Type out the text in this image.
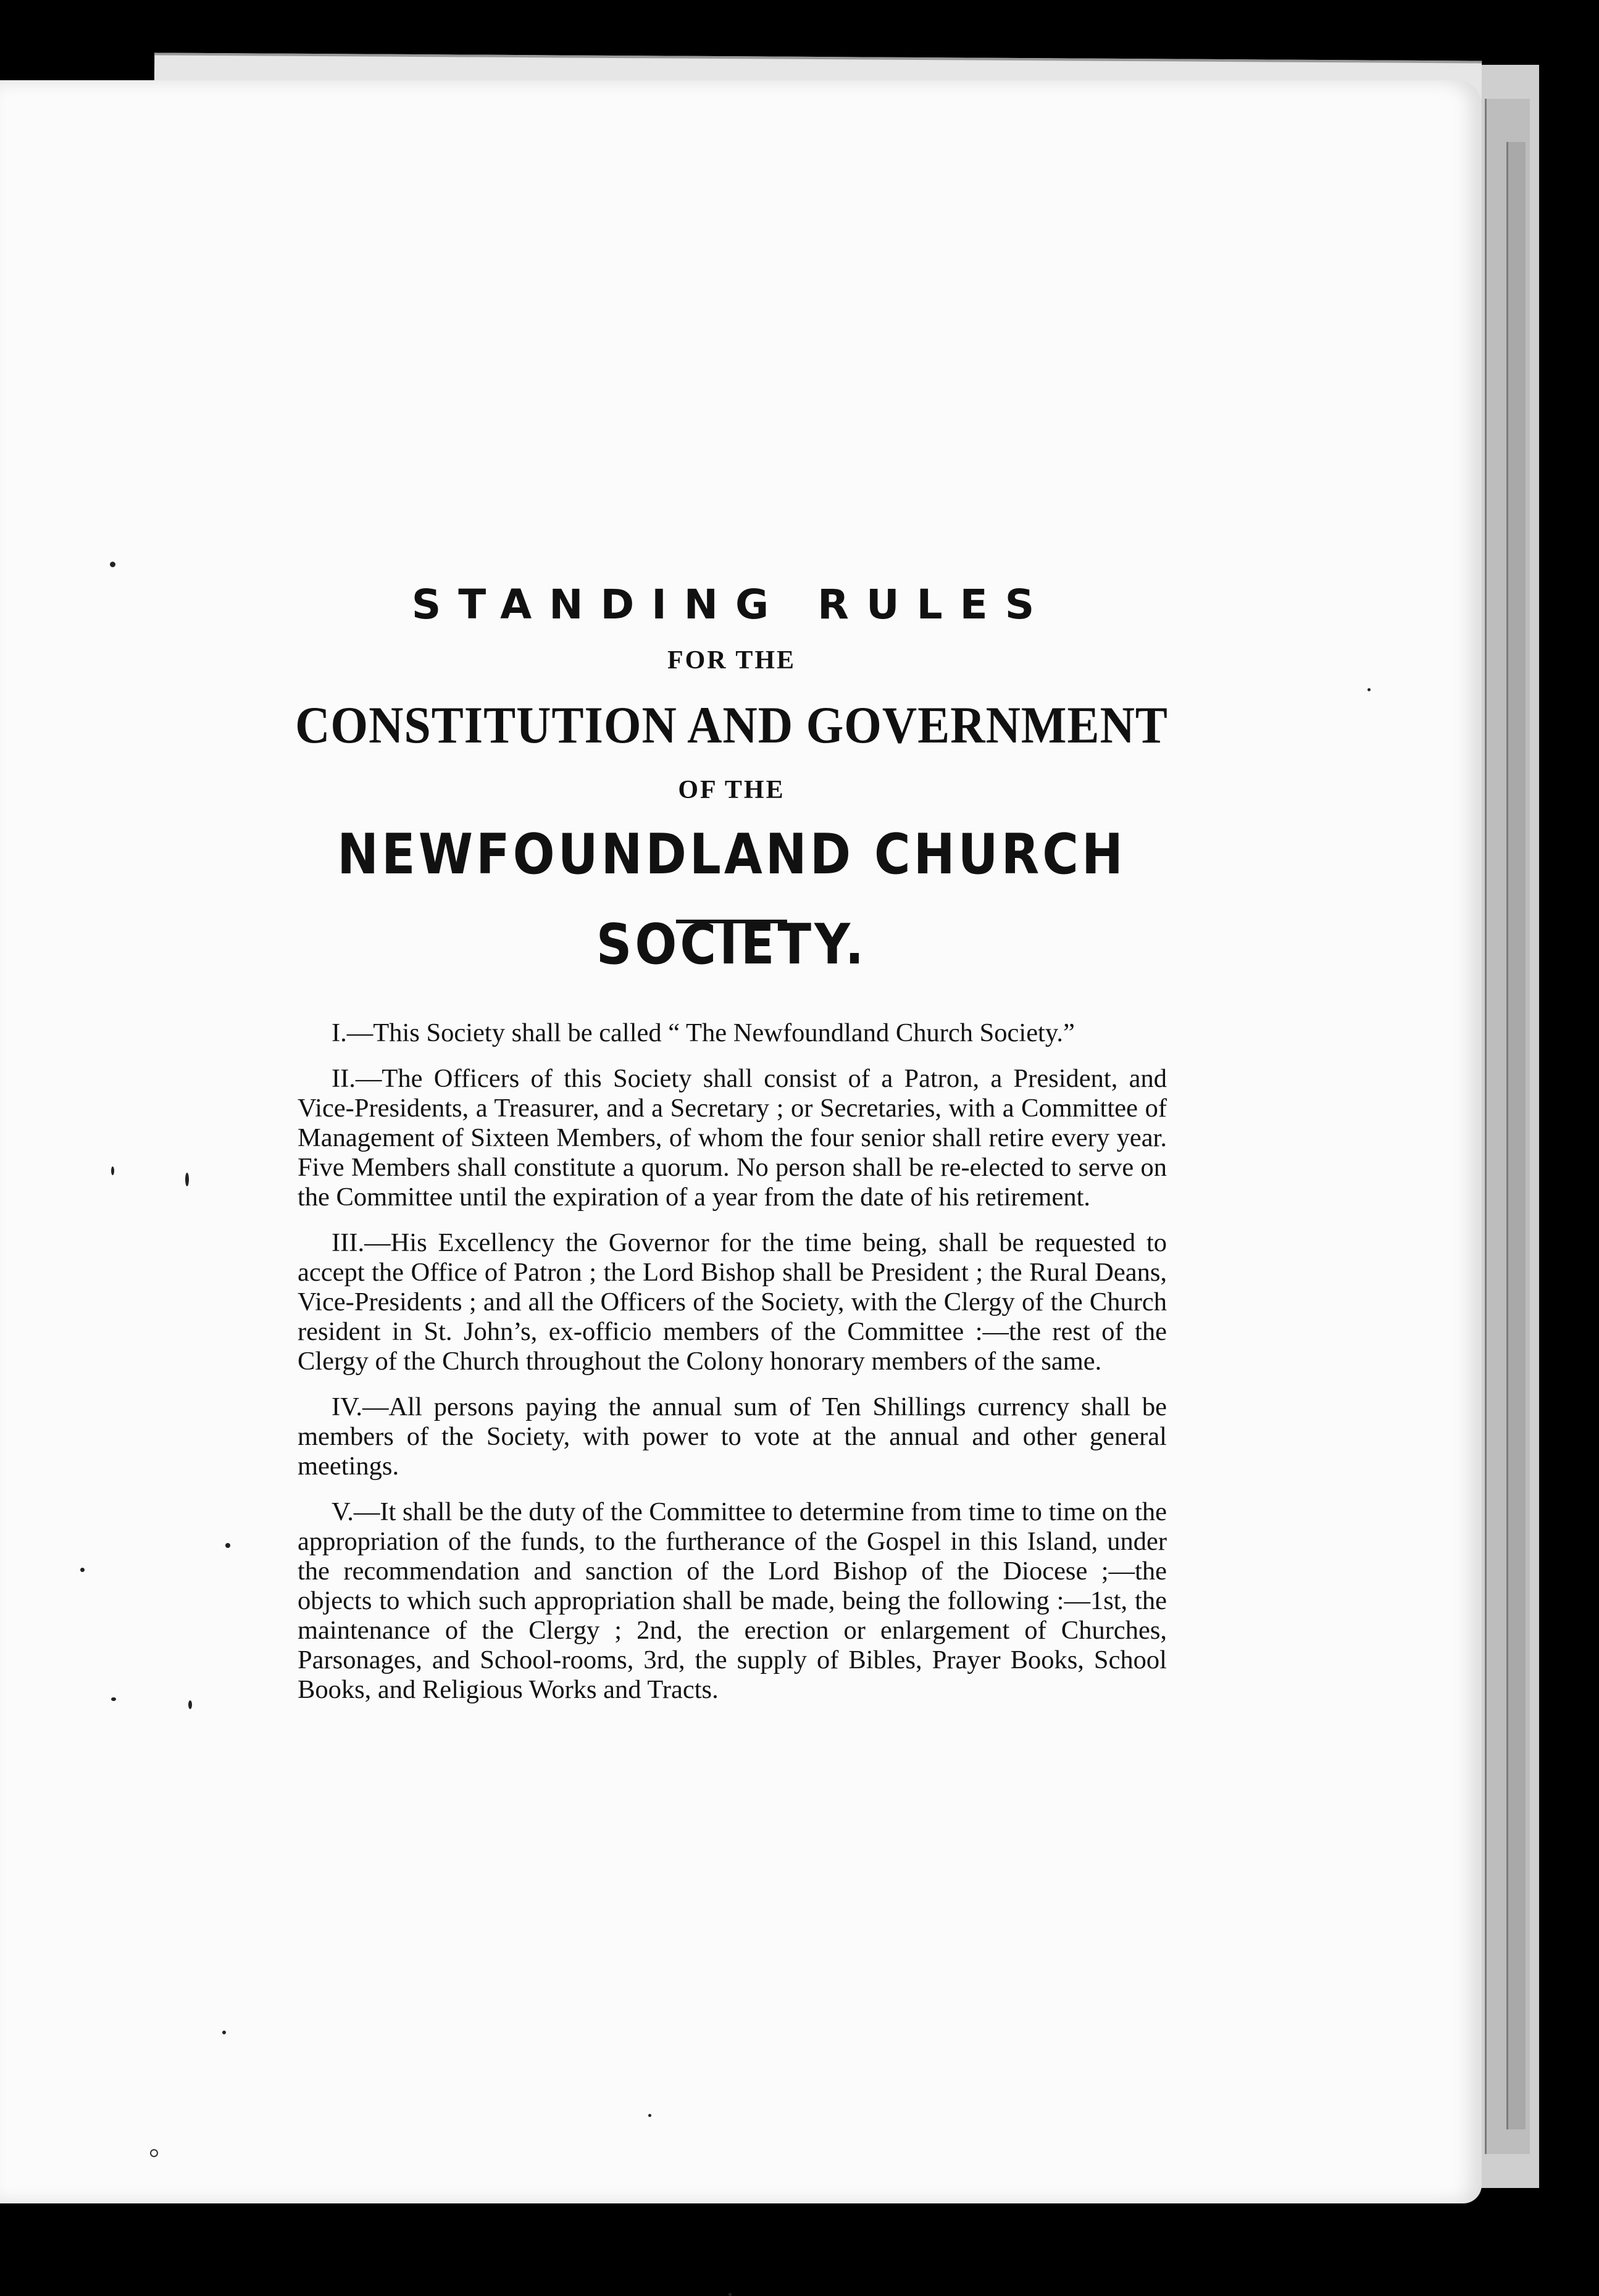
STANDING RULES

FOR THE

CONSTITUTION AND GOVERNMENT

OF THE

NEWFOUNDLAND CHURCH SOCIETY.

I.—This Society shall be called “ The Newfoundland Church Society.”

II.—The Officers of this Society shall consist of a Patron, a President, and Vice-Presidents, a Treasurer, and a Secretary ; or Secretaries, with a Committee of Management of Sixteen Members, of whom the four senior shall retire every year. Five Members shall constitute a quorum. No person shall be re-elected to serve on the Committee until the expiration of a year from the date of his retirement.

III.—His Excellency the Governor for the time being, shall be requested to accept the Office of Patron ; the Lord Bishop shall be President ; the Rural Deans, Vice-Presidents ; and all the Officers of the Society, with the Clergy of the Church resident in St. John’s, ex-officio members of the Committee :—the rest of the Clergy of the Church throughout the Colony honorary members of the same.

IV.—All persons paying the annual sum of Ten Shillings currency shall be members of the Society, with power to vote at the annual and other general meetings.

V.—It shall be the duty of the Committee to determine from time to time on the appropriation of the funds, to the furtherance of the Gospel in this Island, under the recommendation and sanction of the Lord Bishop of the Diocese ;—the objects to which such appropriation shall be made, being the following :—1st, the maintenance of the Clergy ; 2nd, the erection or enlargement of Churches, Parsonages, and School-rooms, 3rd, the supply of Bibles, Prayer Books, School Books, and Religious Works and Tracts.
